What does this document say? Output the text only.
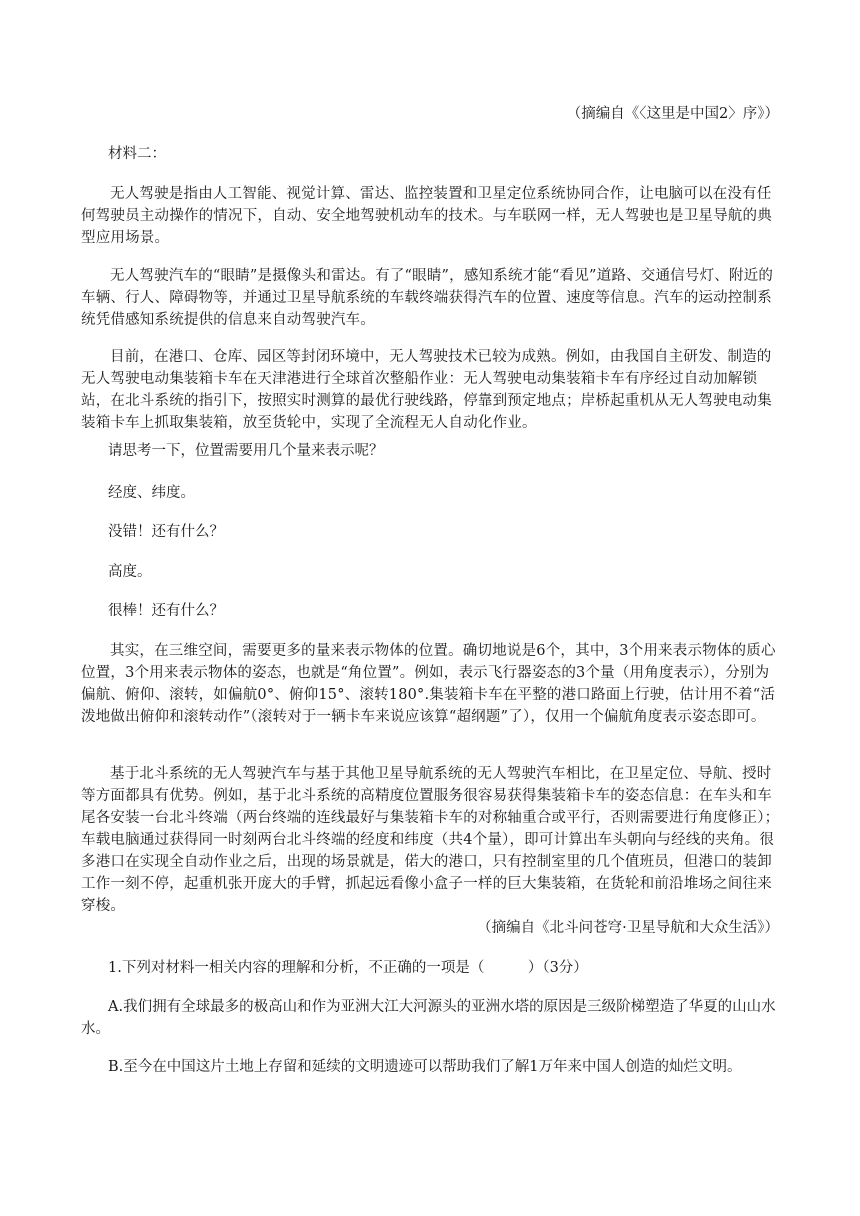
（摘编自《〈这里是中国2〉序》）

材料二：

无人驾驶是指由人工智能、视觉计算、雷达、监控装置和卫星定位系统协同合作，让电脑可以在没有任何驾驶员主动操作的情况下，自动、安全地驾驶机动车的技术。与车联网一样，无人驾驶也是卫星导航的典型应用场景。

无人驾驶汽车的“眼睛”是摄像头和雷达。有了“眼睛”，感知系统才能“看见”道路、交通信号灯、附近的车辆、行人、障碍物等，并通过卫星导航系统的车载终端获得汽车的位置、速度等信息。汽车的运动控制系统凭借感知系统提供的信息来自动驾驶汽车。

目前，在港口、仓库、园区等封闭环境中，无人驾驶技术已较为成熟。例如，由我国自主研发、制造的无人驾驶电动集装箱卡车在天津港进行全球首次整船作业：无人驾驶电动集装箱卡车有序经过自动加解锁站，在北斗系统的指引下，按照实时测算的最优行驶线路，停靠到预定地点；岸桥起重机从无人驾驶电动集装箱卡车上抓取集装箱，放至货轮中，实现了全流程无人自动化作业。

请思考一下，位置需要用几个量来表示呢？

经度、纬度。

没错！还有什么？

高度。

很棒！还有什么？

其实，在三维空间，需要更多的量来表示物体的位置。确切地说是6个，其中，3个用来表示物体的质心位置，3个用来表示物体的姿态，也就是“角位置”。例如，表示飞行器姿态的3个量（用角度表示），分别为偏航、俯仰、滚转，如偏航0°、俯仰15°、滚转180°.集装箱卡车在平整的港口路面上行驶，估计用不着“活泼地做出俯仰和滚转动作”（滚转对于一辆卡车来说应该算“超纲题”了），仅用一个偏航角度表示姿态即可。

基于北斗系统的无人驾驶汽车与基于其他卫星导航系统的无人驾驶汽车相比，在卫星定位、导航、授时等方面都具有优势。例如，基于北斗系统的高精度位置服务很容易获得集装箱卡车的姿态信息：在车头和车尾各安装一台北斗终端（两台终端的连线最好与集装箱卡车的对称轴重合或平行，否则需要进行角度修正）；车载电脑通过获得同一时刻两台北斗终端的经度和纬度（共4个量），即可计算出车头朝向与经线的夹角。很多港口在实现全自动作业之后，出现的场景就是，偌大的港口，只有控制室里的几个值班员，但港口的装卸工作一刻不停，起重机张开庞大的手臂，抓起远看像小盒子一样的巨大集装箱，在货轮和前沿堆场之间往来穿梭。

（摘编自《北斗问苍穹·卫星导航和大众生活》）

1.下列对材料一相关内容的理解和分析，不正确的一项是（　　　）（3分）

A.我们拥有全球最多的极高山和作为亚洲大江大河源头的亚洲水塔的原因是三级阶梯塑造了华夏的山山水水。

B.至今在中国这片土地上存留和延续的文明遗迹可以帮助我们了解1万年来中国人创造的灿烂文明。
